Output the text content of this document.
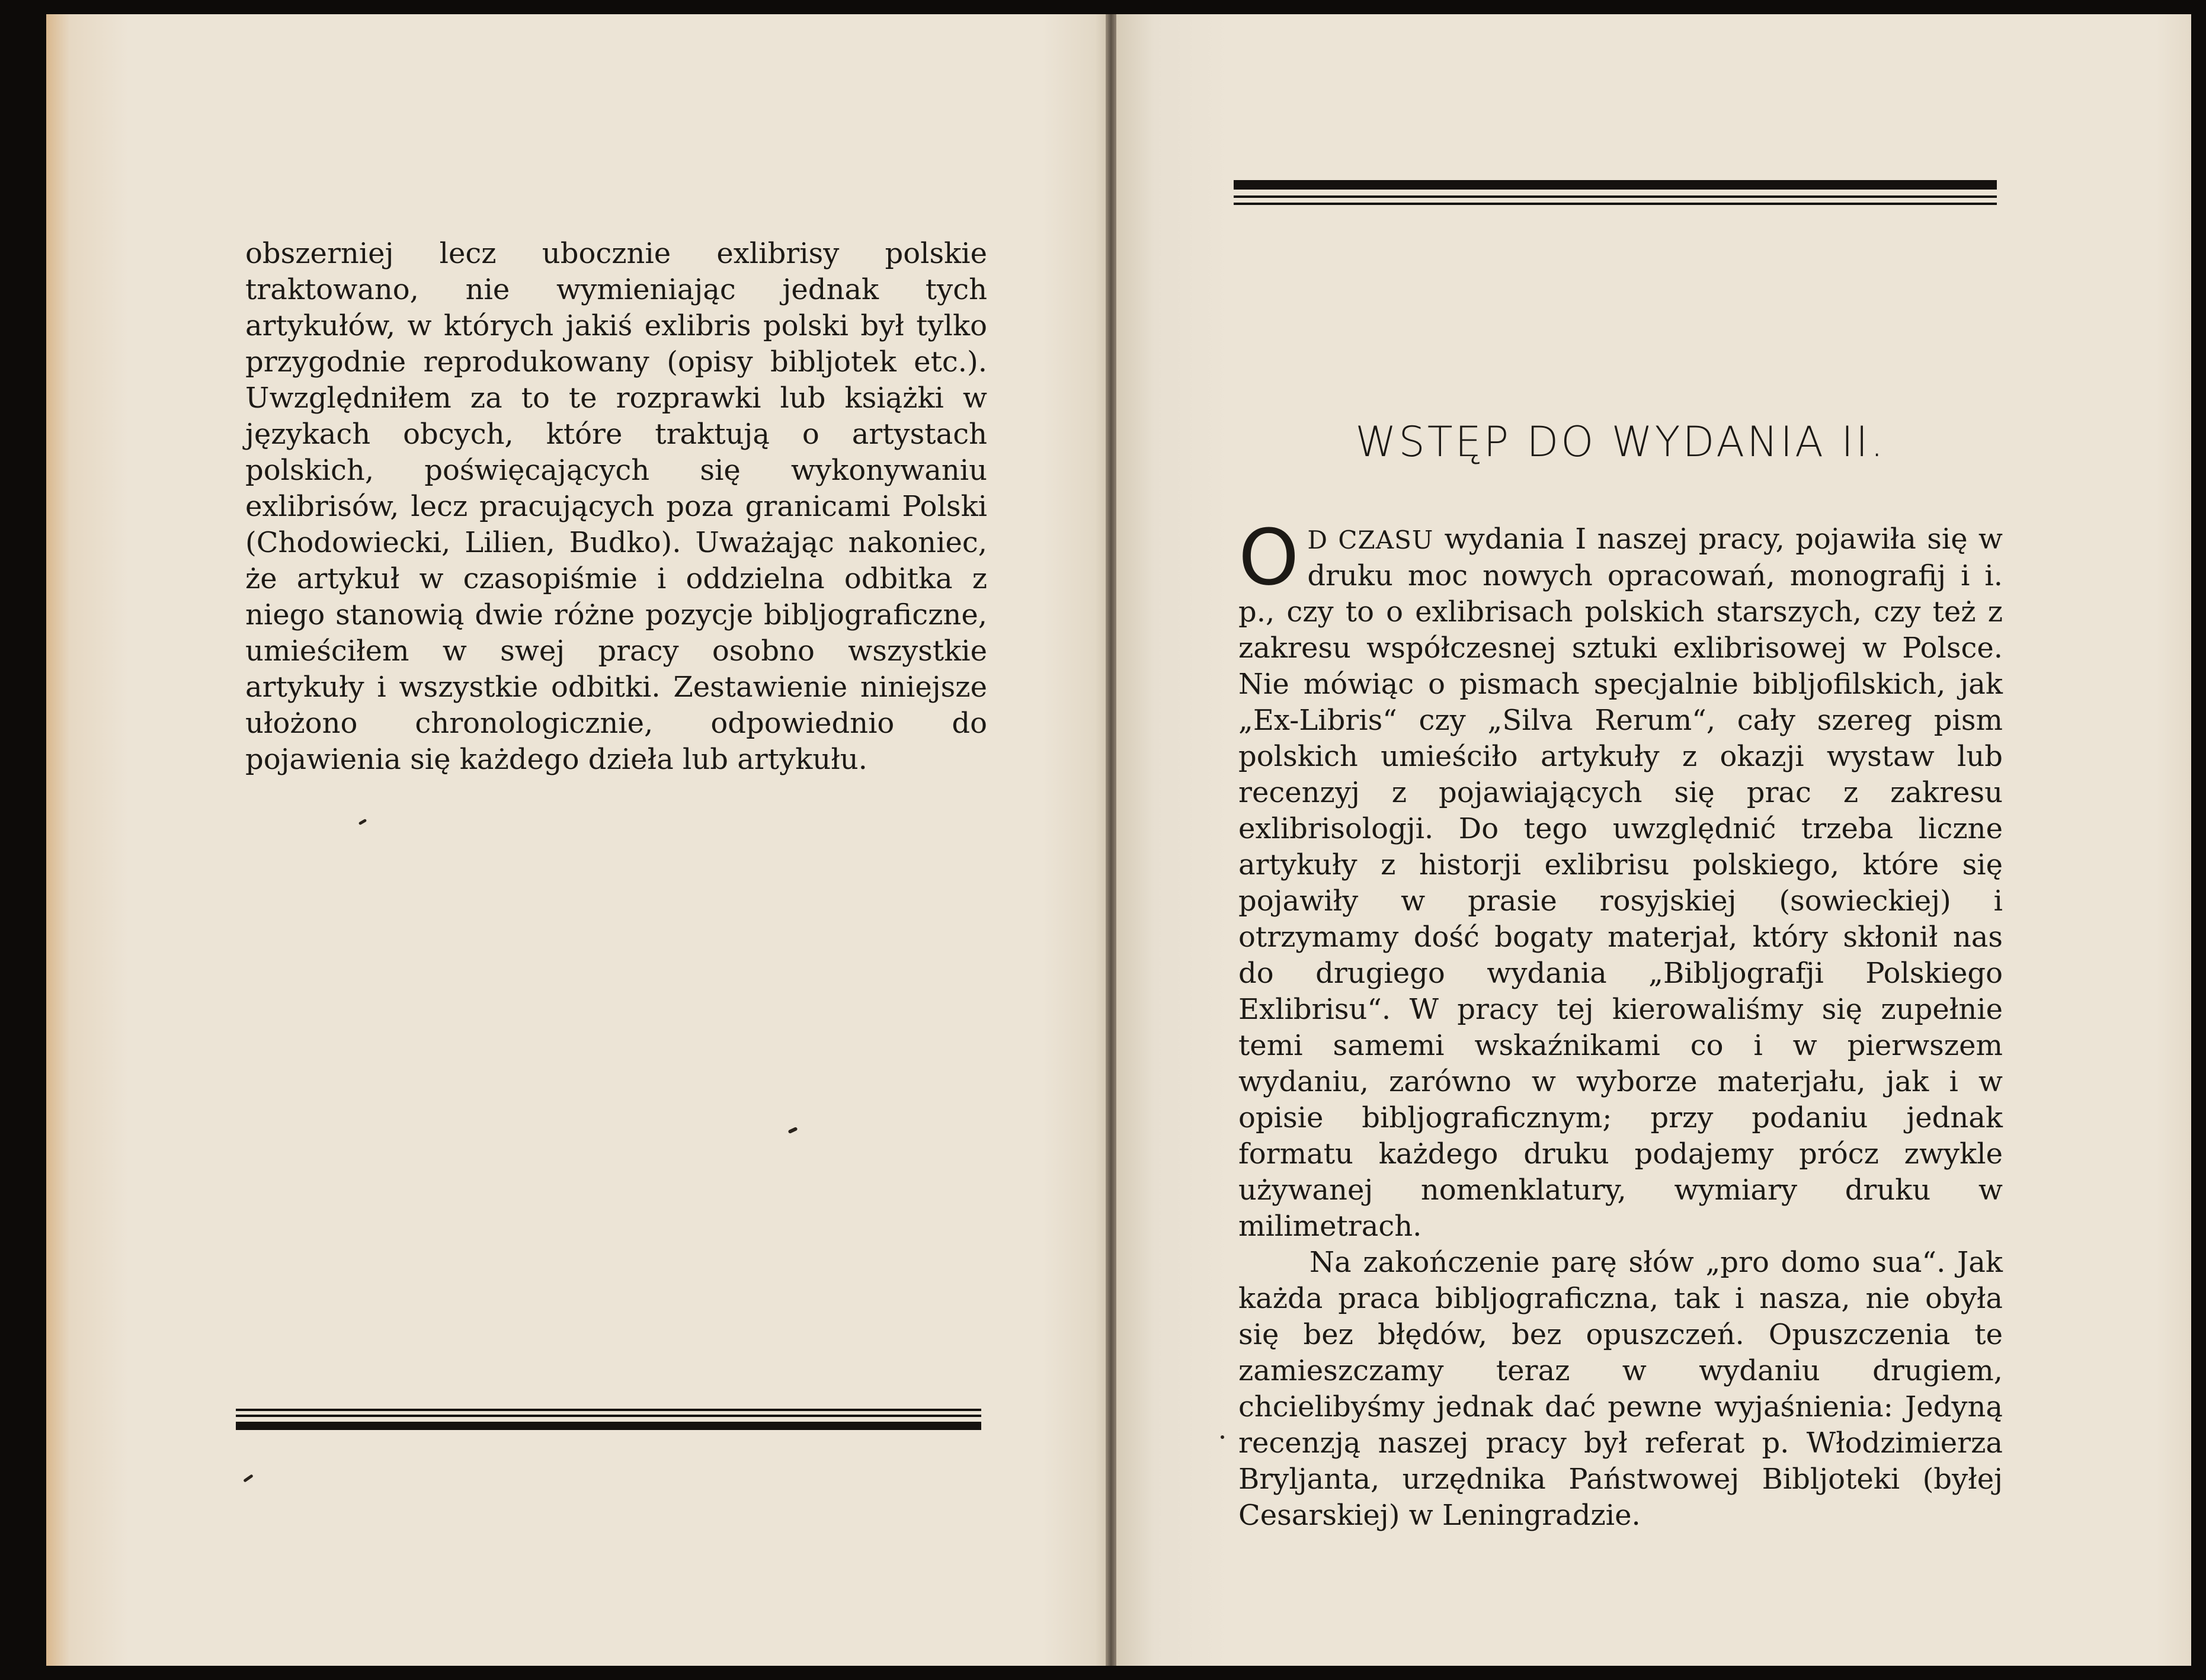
obszerniej lecz ubocznie exlibrisy polskie traktowano, nie wymieniając jednak tych artykułów, w których jakiś exlibris polski był tylko przygodnie reprodukowany (opisy bibljotek etc.). Uwzględniłem za to te rozprawki lub książki w językach obcych, które traktują o artystach polskich, poświęcających się wykonywaniu exlibrisów, lecz pracujących poza granicami Polski (Chodowiecki, Lilien, Budko). Uważając nakoniec, że artykuł w czasopiśmie i oddzielna odbitka z niego stanowią dwie różne pozycje bibljograficzne, umieściłem w swej pracy osobno wszystkie artykuły i wszystkie odbitki. Zestawienie niniejsze ułożono chronologicznie, odpowiednio do pojawienia się każdego dzieła lub artykułu.

WSTĘP DO WYDANIA II.

O D CZASU wydania I naszej pracy, pojawiła się w druku moc nowych opracowań, monografij i i. p., czy to o exlibrisach polskich starszych, czy też z zakresu współczesnej sztuki exlibrisowej w Polsce. Nie mówiąc o pismach specjalnie bibljofilskich, jak „Ex-Libris“ czy „Silva Rerum“, cały szereg pism polskich umieściło artykuły z okazji wystaw lub recenzyj z pojawiających się prac z zakresu exlibrisologji. Do tego uwzględnić trzeba liczne artykuły z historji exlibrisu polskiego, które się pojawiły w prasie rosyjskiej (sowieckiej) i otrzymamy dość bogaty materjał, który skłonił nas do drugiego wydania „Bibljografji Polskiego Exlibrisu“. W pracy tej kierowaliśmy się zupełnie temi samemi wskaźnikami co i w pierwszem wydaniu, zarówno w wyborze materjału, jak i w opisie bibljograficznym; przy podaniu jednak formatu każdego druku podajemy prócz zwykle używanej nomenklatury, wymiary druku w milimetrach.

Na zakończenie parę słów „pro domo sua“. Jak każda praca bibljograficzna, tak i nasza, nie obyła się bez błędów, bez opuszczeń. Opuszczenia te zamieszczamy teraz w wydaniu drugiem, chcielibyśmy jednak dać pewne wyjaśnienia: Jedyną recenzją naszej pracy był referat p. Włodzimierza Bryljanta, urzędnika Państwowej Bibljoteki (byłej Cesarskiej) w Leningradzie.
